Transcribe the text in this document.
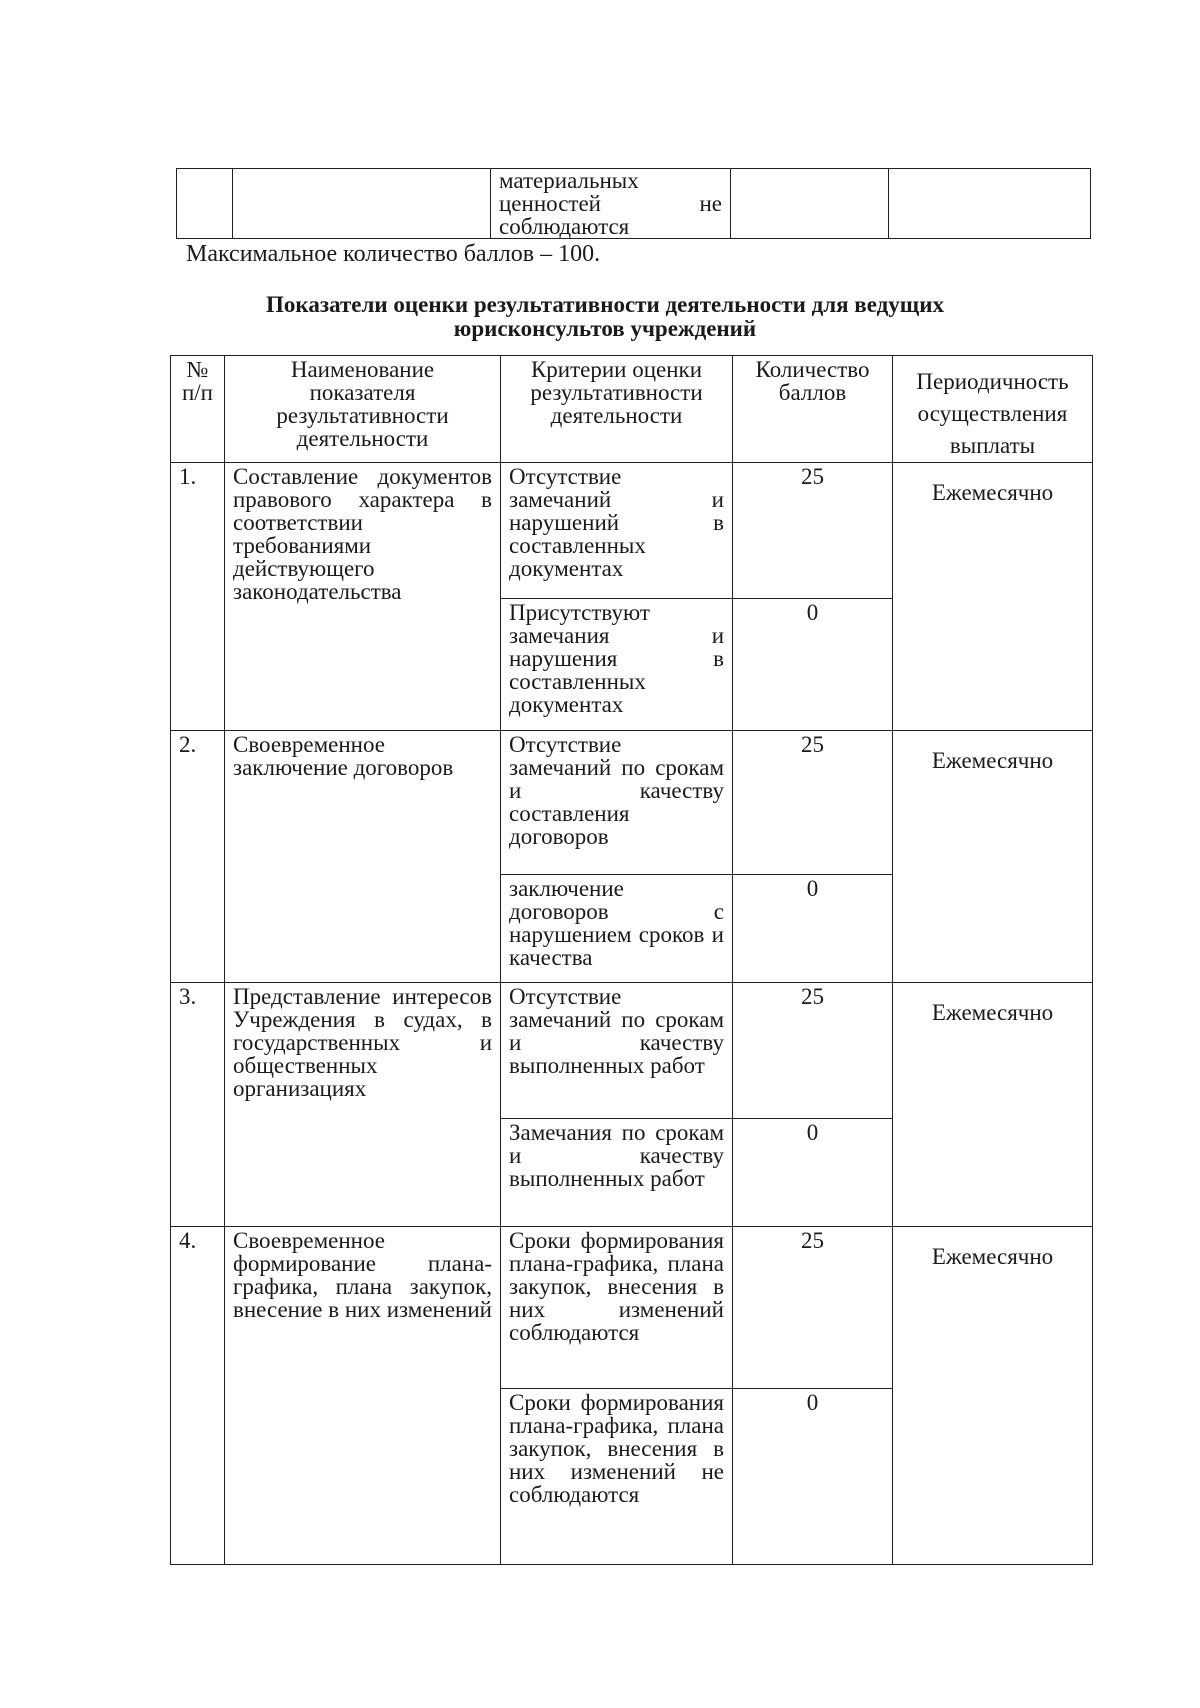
материальных
ценностей	не
соблюдаются

Максимальное количество баллов – 100.
Показатели оценки результативности деятельности для ведущих юрисконсультов учреждений
№ п/п	Наименование показателя результативности деятельности	Критерии оценки результативности деятельности	Количество баллов	Периодичность осуществления выплаты

1.	Составление документов правового характера в соответствии требованиями действующего законодательства	Отсутствие замечаний и нарушений в составленных документах	25	Ежемесячно

		Присутствуют замечания и нарушения в составленных документах	0	

2.	Своевременное заключение договоров	Отсутствие замечаний по срокам и качеству составления договоров	25	Ежемесячно

		заключение договоров с нарушением сроков и качества	0	

3.	Представление интересов Учреждения в судах, в государственных и общественных организациях	Отсутствие замечаний по срокам и качеству выполненных работ	25	Ежемесячно

		Замечания по срокам и качеству выполненных работ	0	

4.	Своевременное формирование плана-графика, плана закупок, внесение в них изменений	Сроки формирования плана-графика, плана закупок, внесения в них изменений соблюдаются	25	Ежемесячно

		Сроки формирования плана-графика, плана закупок, внесения в них изменений не соблюдаются	0	
